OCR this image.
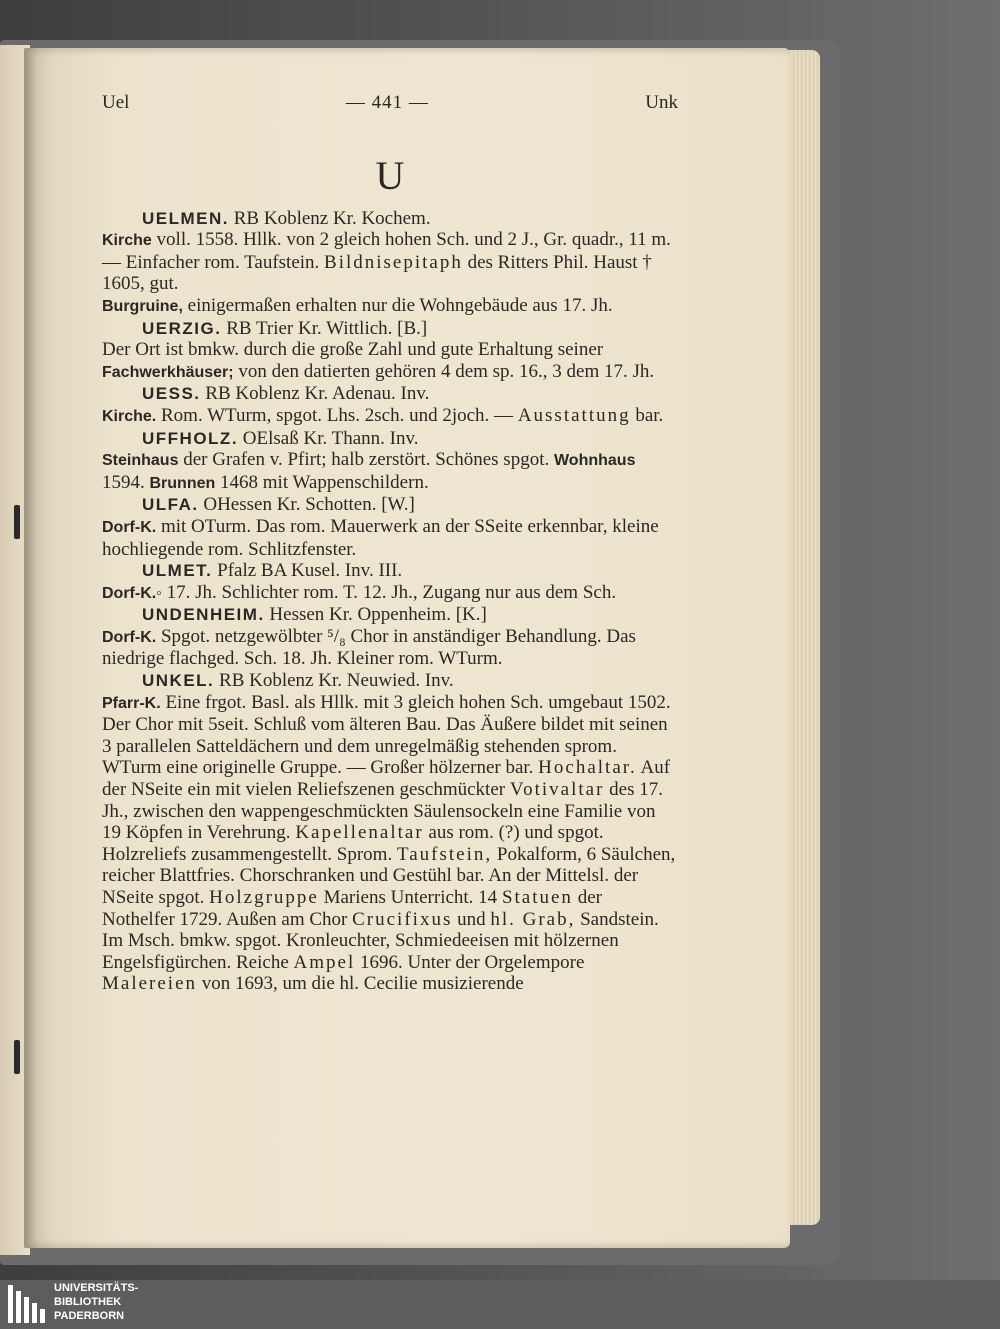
Uel	— 441 —	Unk
U

UELMEN. RB Koblenz Kr. Kochem.
Kirche voll. 1558. Hllk. von 2 gleich hohen Sch. und 2 J., Gr. quadr., 11 m. — Einfacher rom. Taufstein. Bildnisepitaph des Ritters Phil. Haust † 1605, gut.
Burgruine, einigermaßen erhalten nur die Wohngebäude aus 17. Jh.

UERZIG. RB Trier Kr. Wittlich. [B.]
Der Ort ist bmkw. durch die große Zahl und gute Erhaltung seiner Fachwerkhäuser; von den datierten gehören 4 dem sp. 16., 3 dem 17. Jh.

UESS. RB Koblenz Kr. Adenau. Inv.
Kirche. Rom. WTurm, spgot. Lhs. 2sch. und 2joch. — Ausstattung bar.

UFFHOLZ. OElsaß Kr. Thann. Inv.
Steinhaus der Grafen v. Pfirt; halb zerstört. Schönes spgot. Wohnhaus 1594. Brunnen 1468 mit Wappenschildern.

ULFA. OHessen Kr. Schotten. [W.]
Dorf-K. mit OTurm. Das rom. Mauerwerk an der SSeite erkennbar, kleine hochliegende rom. Schlitzfenster.

ULMET. Pfalz BA Kusel. Inv. III.
Dorf-K.◦ 17. Jh. Schlichter rom. T. 12. Jh., Zugang nur aus dem Sch.

UNDENHEIM. Hessen Kr. Oppenheim. [K.]
Dorf-K. Spgot. netzgewölbter ⁵/₈ Chor in anständiger Behandlung. Das niedrige flachged. Sch. 18. Jh. Kleiner rom. WTurm.

UNKEL. RB Koblenz Kr. Neuwied. Inv.
Pfarr-K. Eine frgot. Basl. als Hllk. mit 3 gleich hohen Sch. umgebaut 1502. Der Chor mit 5seit. Schluß vom älteren Bau. Das Äußere bildet mit seinen 3 parallelen Satteldächern und dem unregelmäßig stehenden sprom. WTurm eine originelle Gruppe. — Großer hölzerner bar. Hochaltar. Auf der NSeite ein mit vielen Reliefszenen geschmückter Votivaltar des 17. Jh., zwischen den wappengeschmückten Säulensockeln eine Familie von 19 Köpfen in Verehrung. Kapellenaltar aus rom. (?) und spgot. Holzreliefs zusammengestellt. Sprom. Taufstein, Pokalform, 6 Säulchen, reicher Blattfries. Chorschranken und Gestühl bar. An der Mittelsl. der NSeite spgot. Holzgruppe Mariens Unterricht. 14 Statuen der Nothelfer 1729. Außen am Chor Crucifixus und hl. Grab, Sandstein. Im Msch. bmkw. spgot. Kronleuchter, Schmiedeeisen mit hölzernen Engelsfigürchen. Reiche Ampel 1696. Unter der Orgelempore Malereien von 1693, um die hl. Cecilie musizierende

UNIVERSITÄTS-
BIBLIOTHEK
PADERBORN
